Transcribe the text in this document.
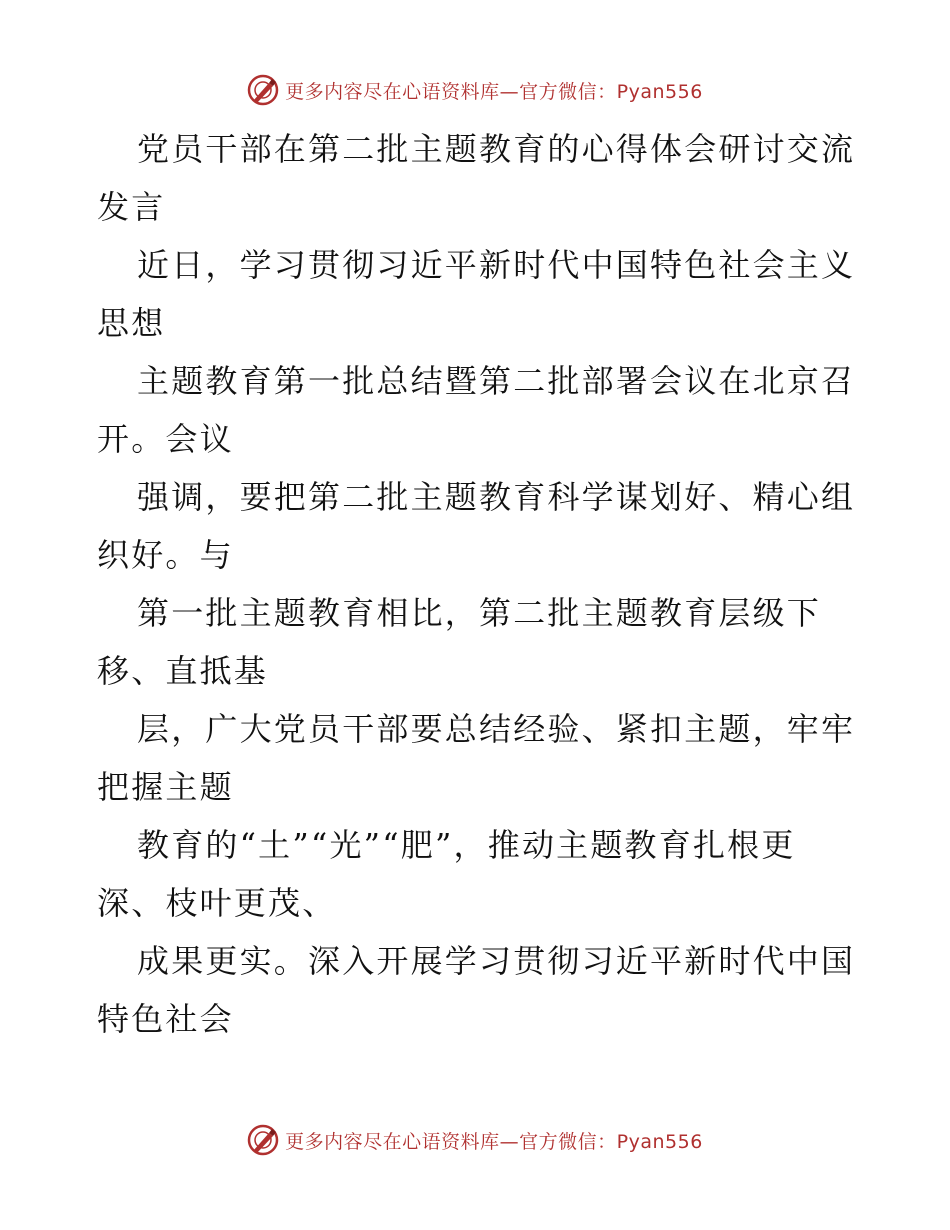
更多内容尽在心语资料库—官方微信：Pyan556

党员干部在第二批主题教育的心得体会研讨交流发言

近日，学习贯彻习近平新时代中国特色社会主义思想

主题教育第一批总结暨第二批部署会议在北京召开。会议

强调，要把第二批主题教育科学谋划好、精心组织好。与

第一批主题教育相比，第二批主题教育层级下移、直抵基

层，广大党员干部要总结经验、紧扣主题，牢牢把握主题

教育的“土”“光”“肥”，推动主题教育扎根更深、枝叶更茂、

成果更实。深入开展学习贯彻习近平新时代中国特色社会

更多内容尽在心语资料库—官方微信：Pyan556
